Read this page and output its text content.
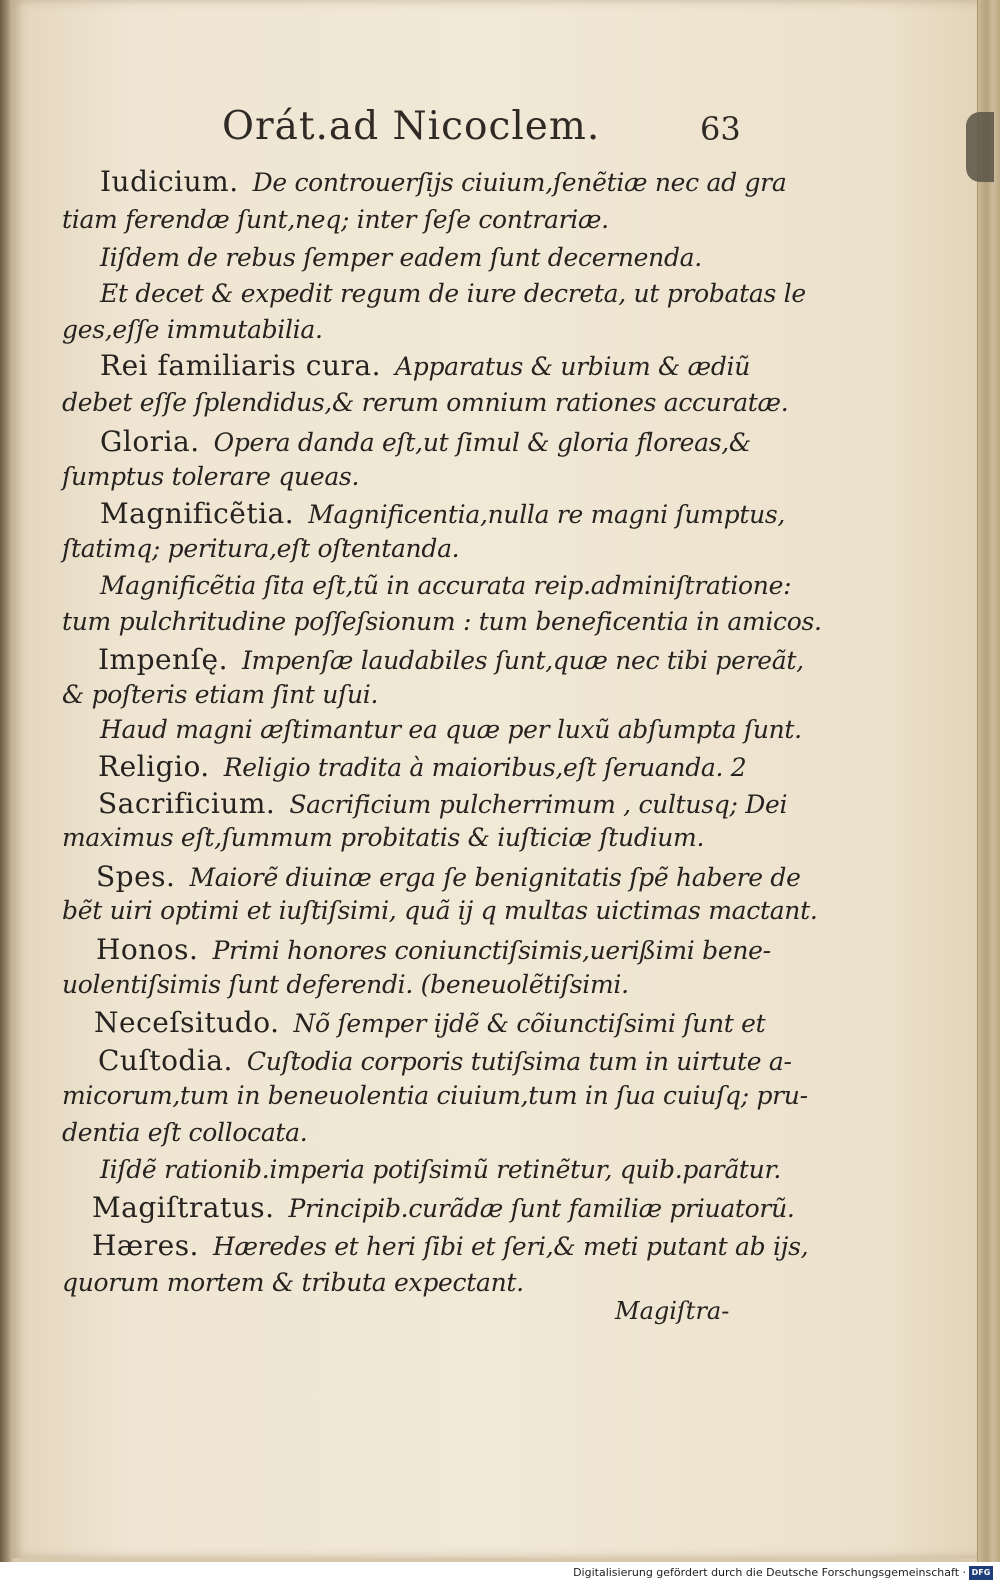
Orát.ad Nicoclem.	63
Iudicium. De controuerſijs ciuium,ſenẽtiæ nec ad gra
tiam ferendæ ſunt,neq; inter ſeſe contrariæ.
Iiſdem de rebus ſemper eadem ſunt decernenda.
Et decet & expedit regum de iure decreta, ut probatas le
ges,eſſe immutabilia.
Rei familiaris cura. Apparatus & urbium & ædiũ
debet eſſe ſplendidus,& rerum omnium rationes accuratæ.
Gloria. Opera danda eſt,ut ſimul & gloria floreas,&
ſumptus tolerare queas.
Magnificẽtia. Magnificentia,nulla re magni ſumptus,
ſtatimq; peritura,eſt oſtentanda.
Magnificẽtia ſita eſt,tũ in accurata reip.adminiſtratione:
tum pulchritudine poſſeſsionum : tum beneficentia in amicos.
Impenſę. Impenſæ laudabiles ſunt,quæ nec tibi pereãt,
& poſteris etiam ſint uſui.
Haud magni æſtimantur ea quæ per luxũ abſumpta ſunt.
Religio. Religio tradita à maioribus,eſt ſeruanda. 2
Sacrificium. Sacrificium pulcherrimum , cultusq; Dei
maximus eſt,ſummum probitatis & iuſticiæ ſtudium.
Spes. Maiorẽ diuinæ erga ſe benignitatis ſpẽ habere de
bẽt uiri optimi et iuſtiſsimi, quã ij q multas uictimas mactant.
Honos. Primi honores coniunctiſsimis,uerißimi bene-
uolentiſsimis ſunt deferendi. (beneuolẽtiſsimi.
Neceſsitudo. Nõ ſemper ijdẽ & cõiunctiſsimi ſunt et
Cuſtodia. Cuſtodia corporis tutiſsima tum in uirtute a-
micorum,tum in beneuolentia ciuium,tum in ſua cuiuſq; pru-
dentia eſt collocata.
Iiſdẽ rationib.imperia potiſsimũ retinẽtur, quib.parãtur.
Magiſtratus. Principib.curãdæ ſunt familiæ priuatorũ.
Hæres. Hæredes et heri ſibi et ſeri,& meti putant ab ijs,
quorum mortem & tributa expectant.
Magiſtra-
Digitalisierung gefördert durch die Deutsche Forschungsgemeinschaft · DFG
